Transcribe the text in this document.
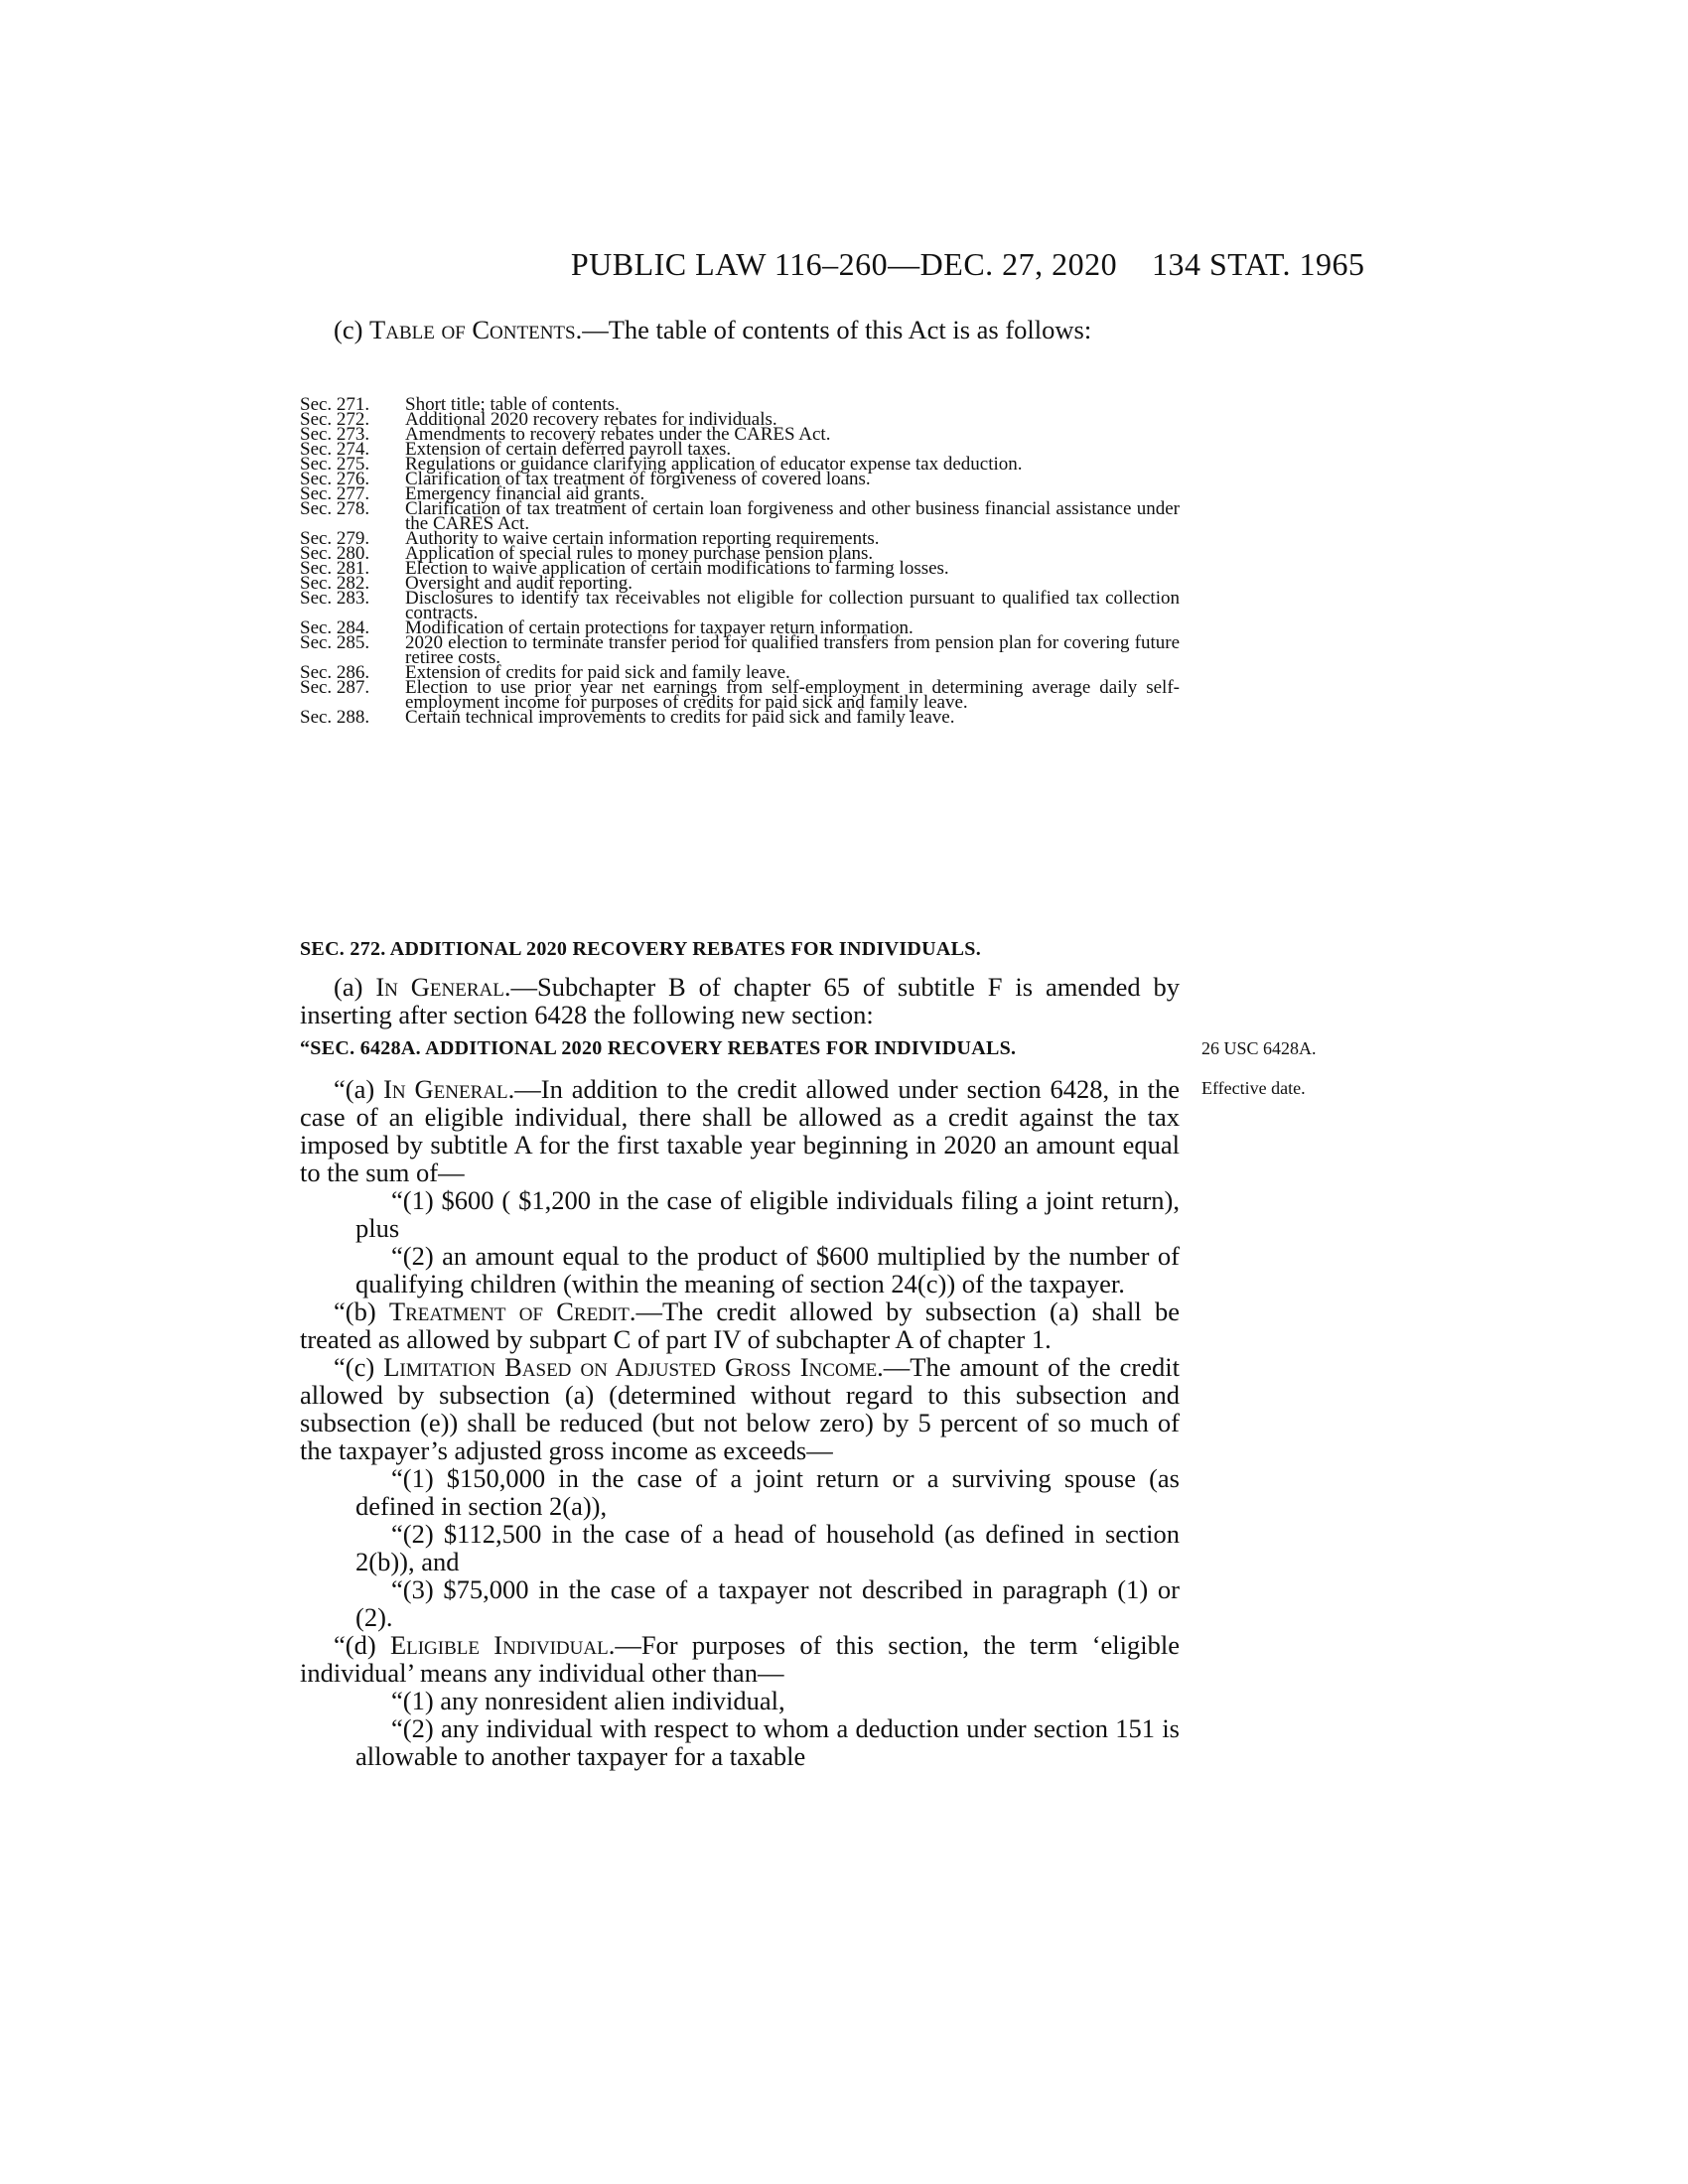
PUBLIC LAW 116–260—DEC. 27, 2020	134 STAT. 1965
(c) Table of Contents.—The table of contents of this Act is as follows:
Sec. 271.	Short title; table of contents.
Sec. 272.	Additional 2020 recovery rebates for individuals.
Sec. 273.	Amendments to recovery rebates under the CARES Act.
Sec. 274.	Extension of certain deferred payroll taxes.
Sec. 275.	Regulations or guidance clarifying application of educator expense tax deduction.
Sec. 276.	Clarification of tax treatment of forgiveness of covered loans.
Sec. 277.	Emergency financial aid grants.
Sec. 278.	Clarification of tax treatment of certain loan forgiveness and other business financial assistance under the CARES Act.
Sec. 279.	Authority to waive certain information reporting requirements.
Sec. 280.	Application of special rules to money purchase pension plans.
Sec. 281.	Election to waive application of certain modifications to farming losses.
Sec. 282.	Oversight and audit reporting.
Sec. 283.	Disclosures to identify tax receivables not eligible for collection pursuant to qualified tax collection contracts.
Sec. 284.	Modification of certain protections for taxpayer return information.
Sec. 285.	2020 election to terminate transfer period for qualified transfers from pension plan for covering future retiree costs.
Sec. 286.	Extension of credits for paid sick and family leave.
Sec. 287.	Election to use prior year net earnings from self-employment in determining average daily self-employment income for purposes of credits for paid sick and family leave.
Sec. 288.	Certain technical improvements to credits for paid sick and family leave.
SEC. 272. ADDITIONAL 2020 RECOVERY REBATES FOR INDIVIDUALS.
(a) In General.—Subchapter B of chapter 65 of subtitle F is amended by inserting after section 6428 the following new section:
“SEC. 6428A. ADDITIONAL 2020 RECOVERY REBATES FOR INDIVIDUALS.	26 USC 6428A.
Effective date.
“(a) In General.—In addition to the credit allowed under section 6428, in the case of an eligible individual, there shall be allowed as a credit against the tax imposed by subtitle A for the first taxable year beginning in 2020 an amount equal to the sum of—
“(1) $600 ( $1,200 in the case of eligible individuals filing a joint return), plus
“(2) an amount equal to the product of $600 multiplied by the number of qualifying children (within the meaning of section 24(c)) of the taxpayer.
“(b) Treatment of Credit.—The credit allowed by subsection (a) shall be treated as allowed by subpart C of part IV of subchapter A of chapter 1.
“(c) Limitation Based on Adjusted Gross Income.—The amount of the credit allowed by subsection (a) (determined without regard to this subsection and subsection (e)) shall be reduced (but not below zero) by 5 percent of so much of the taxpayer’s adjusted gross income as exceeds—
“(1) $150,000 in the case of a joint return or a surviving spouse (as defined in section 2(a)),
“(2) $112,500 in the case of a head of household (as defined in section 2(b)), and
“(3) $75,000 in the case of a taxpayer not described in paragraph (1) or (2).
“(d) Eligible Individual.—For purposes of this section, the term ‘eligible individual’ means any individual other than—
“(1) any nonresident alien individual,
“(2) any individual with respect to whom a deduction under section 151 is allowable to another taxpayer for a taxable
